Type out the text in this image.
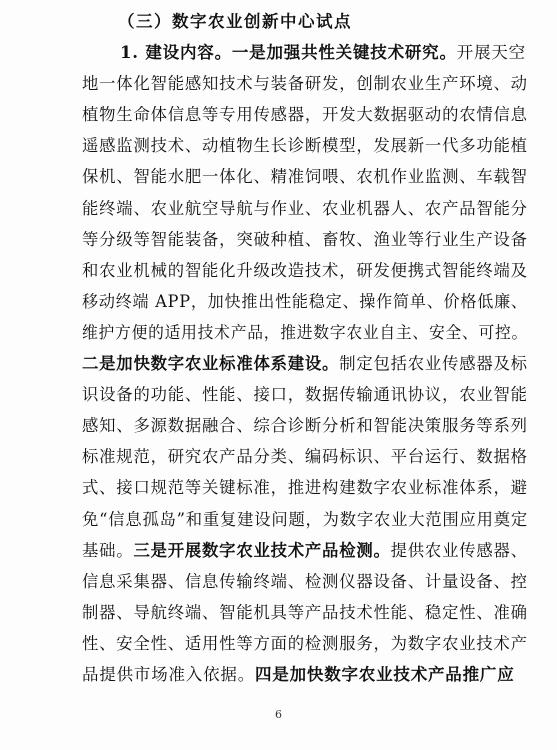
（三）数字农业创新中心试点
1. 建设内容。一是加强共性关键技术研究。开展天空
地一体化智能感知技术与装备研发，创制农业生产环境、动
植物生命体信息等专用传感器，开发大数据驱动的农情信息
遥感监测技术、动植物生长诊断模型，发展新一代多功能植
保机、智能水肥一体化、精准饲喂、农机作业监测、车载智
能终端、农业航空导航与作业、农业机器人、农产品智能分
等分级等智能装备，突破种植、畜牧、渔业等行业生产设备
和农业机械的智能化升级改造技术，研发便携式智能终端及
移动终端 APP，加快推出性能稳定、操作简单、价格低廉、
维护方便的适用技术产品，推进数字农业自主、安全、可控。
二是加快数字农业标准体系建设。制定包括农业传感器及标
识设备的功能、性能、接口，数据传输通讯协议，农业智能
感知、多源数据融合、综合诊断分析和智能决策服务等系列
标准规范，研究农产品分类、编码标识、平台运行、数据格
式、接口规范等关键标准，推进构建数字农业标准体系，避
免“信息孤岛”和重复建设问题，为数字农业大范围应用奠定
基础。三是开展数字农业技术产品检测。提供农业传感器、
信息采集器、信息传输终端、检测仪器设备、计量设备、控
制器、导航终端、智能机具等产品技术性能、稳定性、准确
性、安全性、适用性等方面的检测服务，为数字农业技术产
品提供市场准入依据。四是加快数字农业技术产品推广应
6
